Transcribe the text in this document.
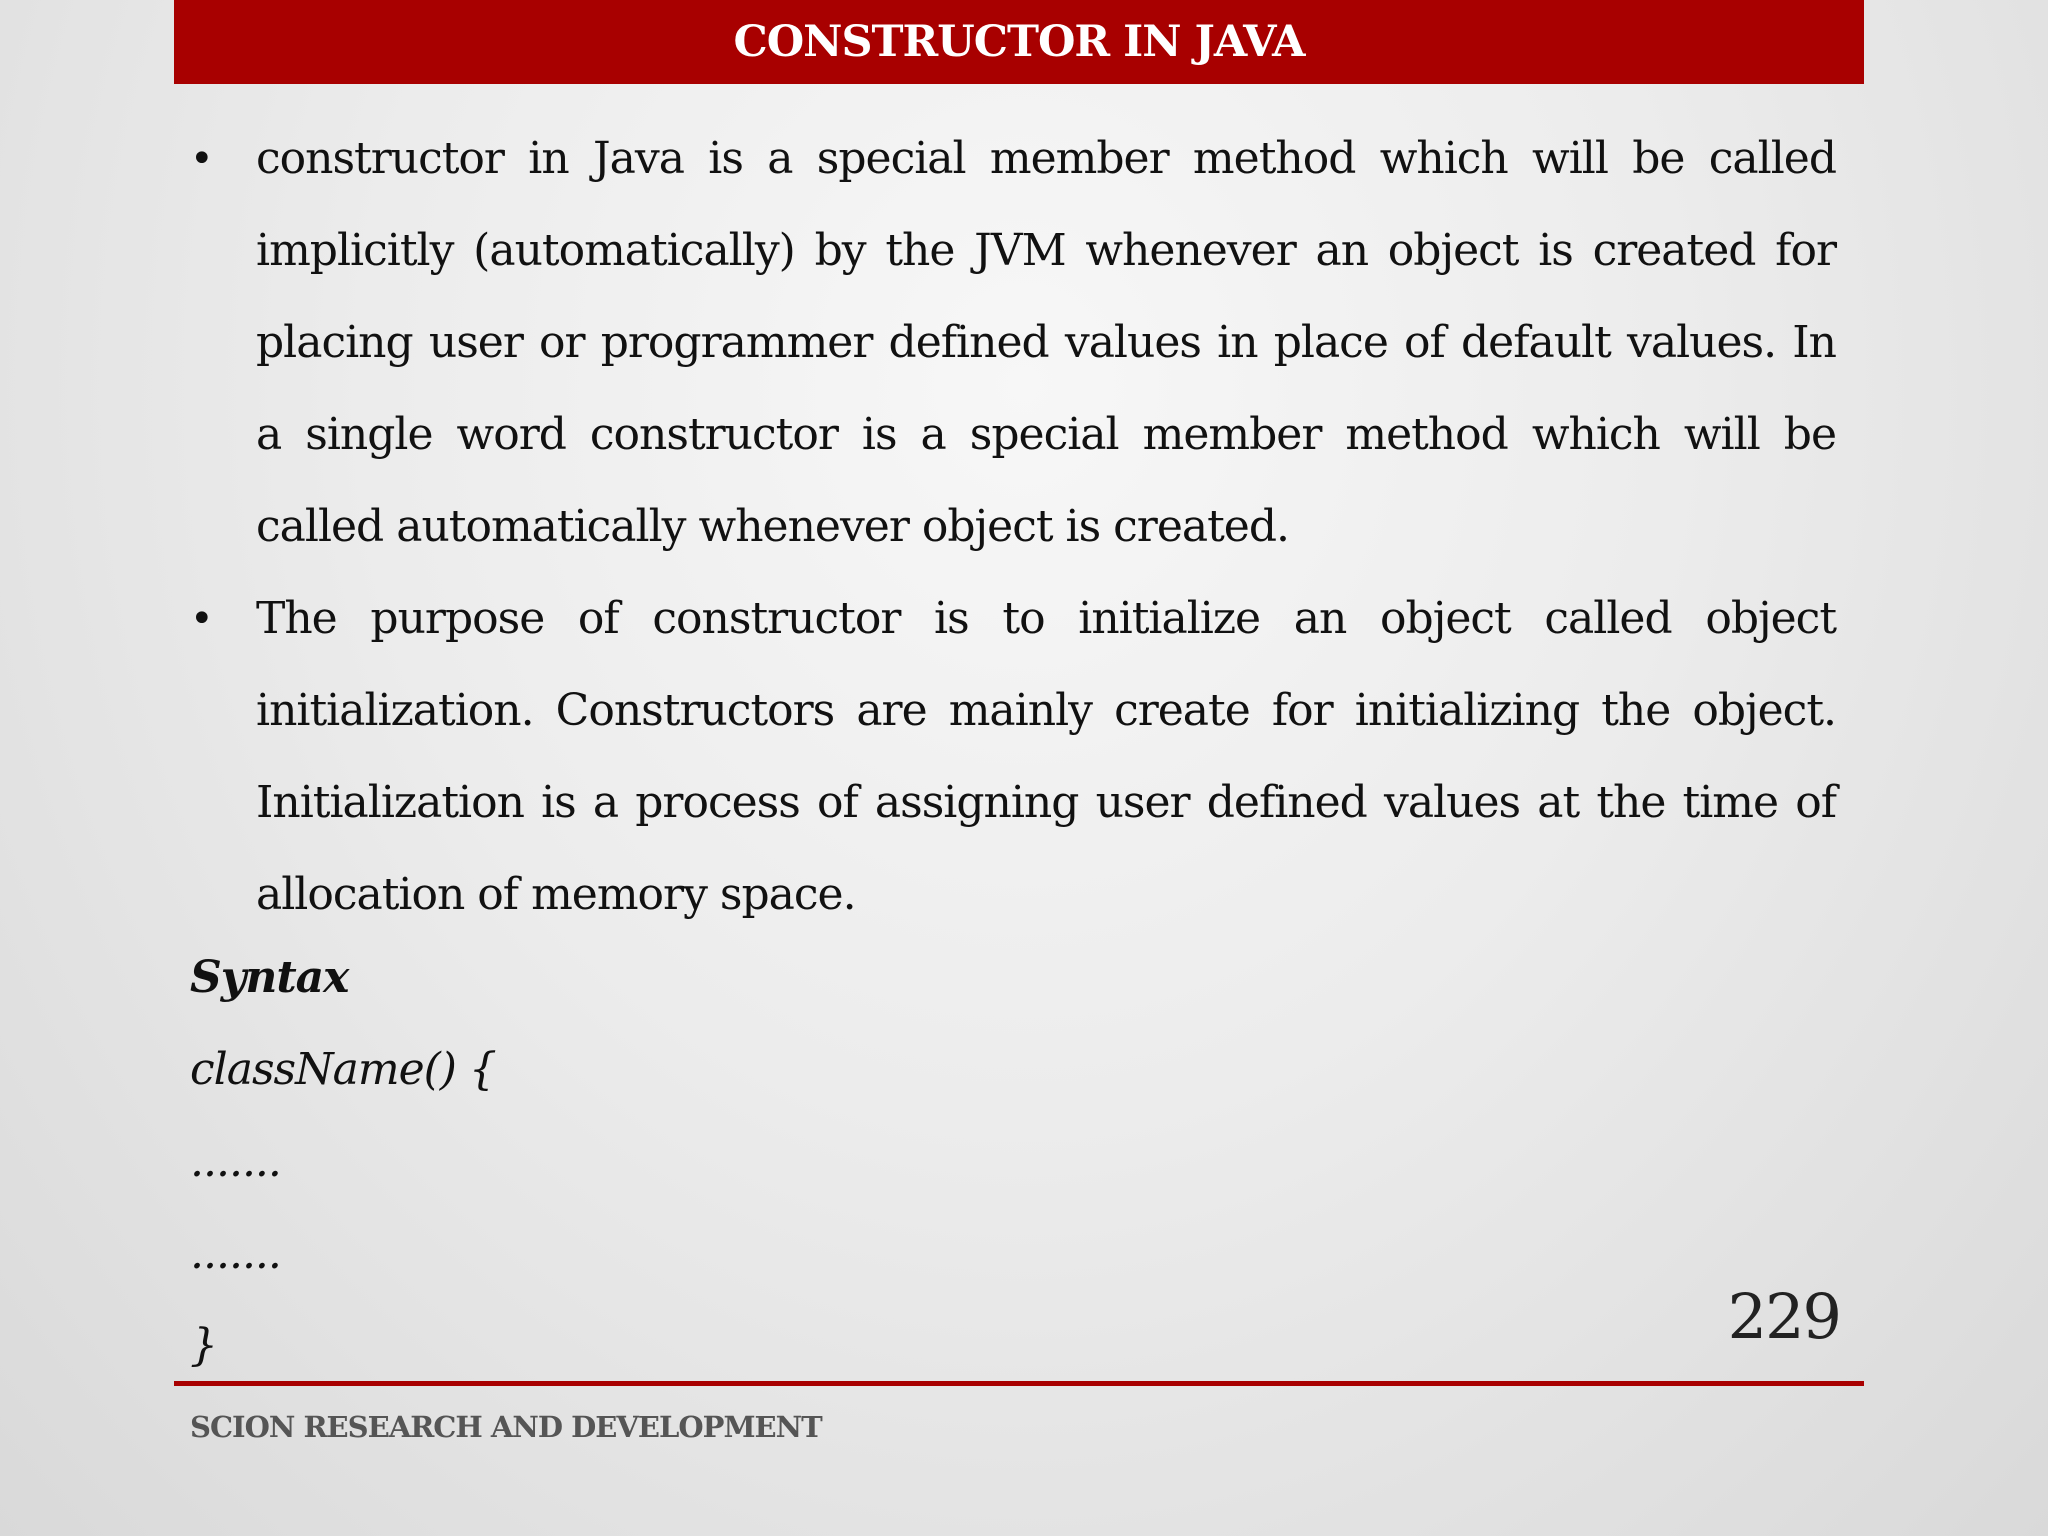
CONSTRUCTOR IN JAVA
• constructor in Java is a special member method which will be called implicitly (automatically) by the JVM whenever an object is created for placing user or programmer defined values in place of default values. In a single word constructor is a special member method which will be called automatically whenever object is created.
• The purpose of constructor is to initialize an object called object initialization. Constructors are mainly create for initializing the object. Initialization is a process of assigning user defined values at the time of allocation of memory space.
Syntax
className() {
.......
.......
}	229
SCION RESEARCH AND DEVELOPMENT
